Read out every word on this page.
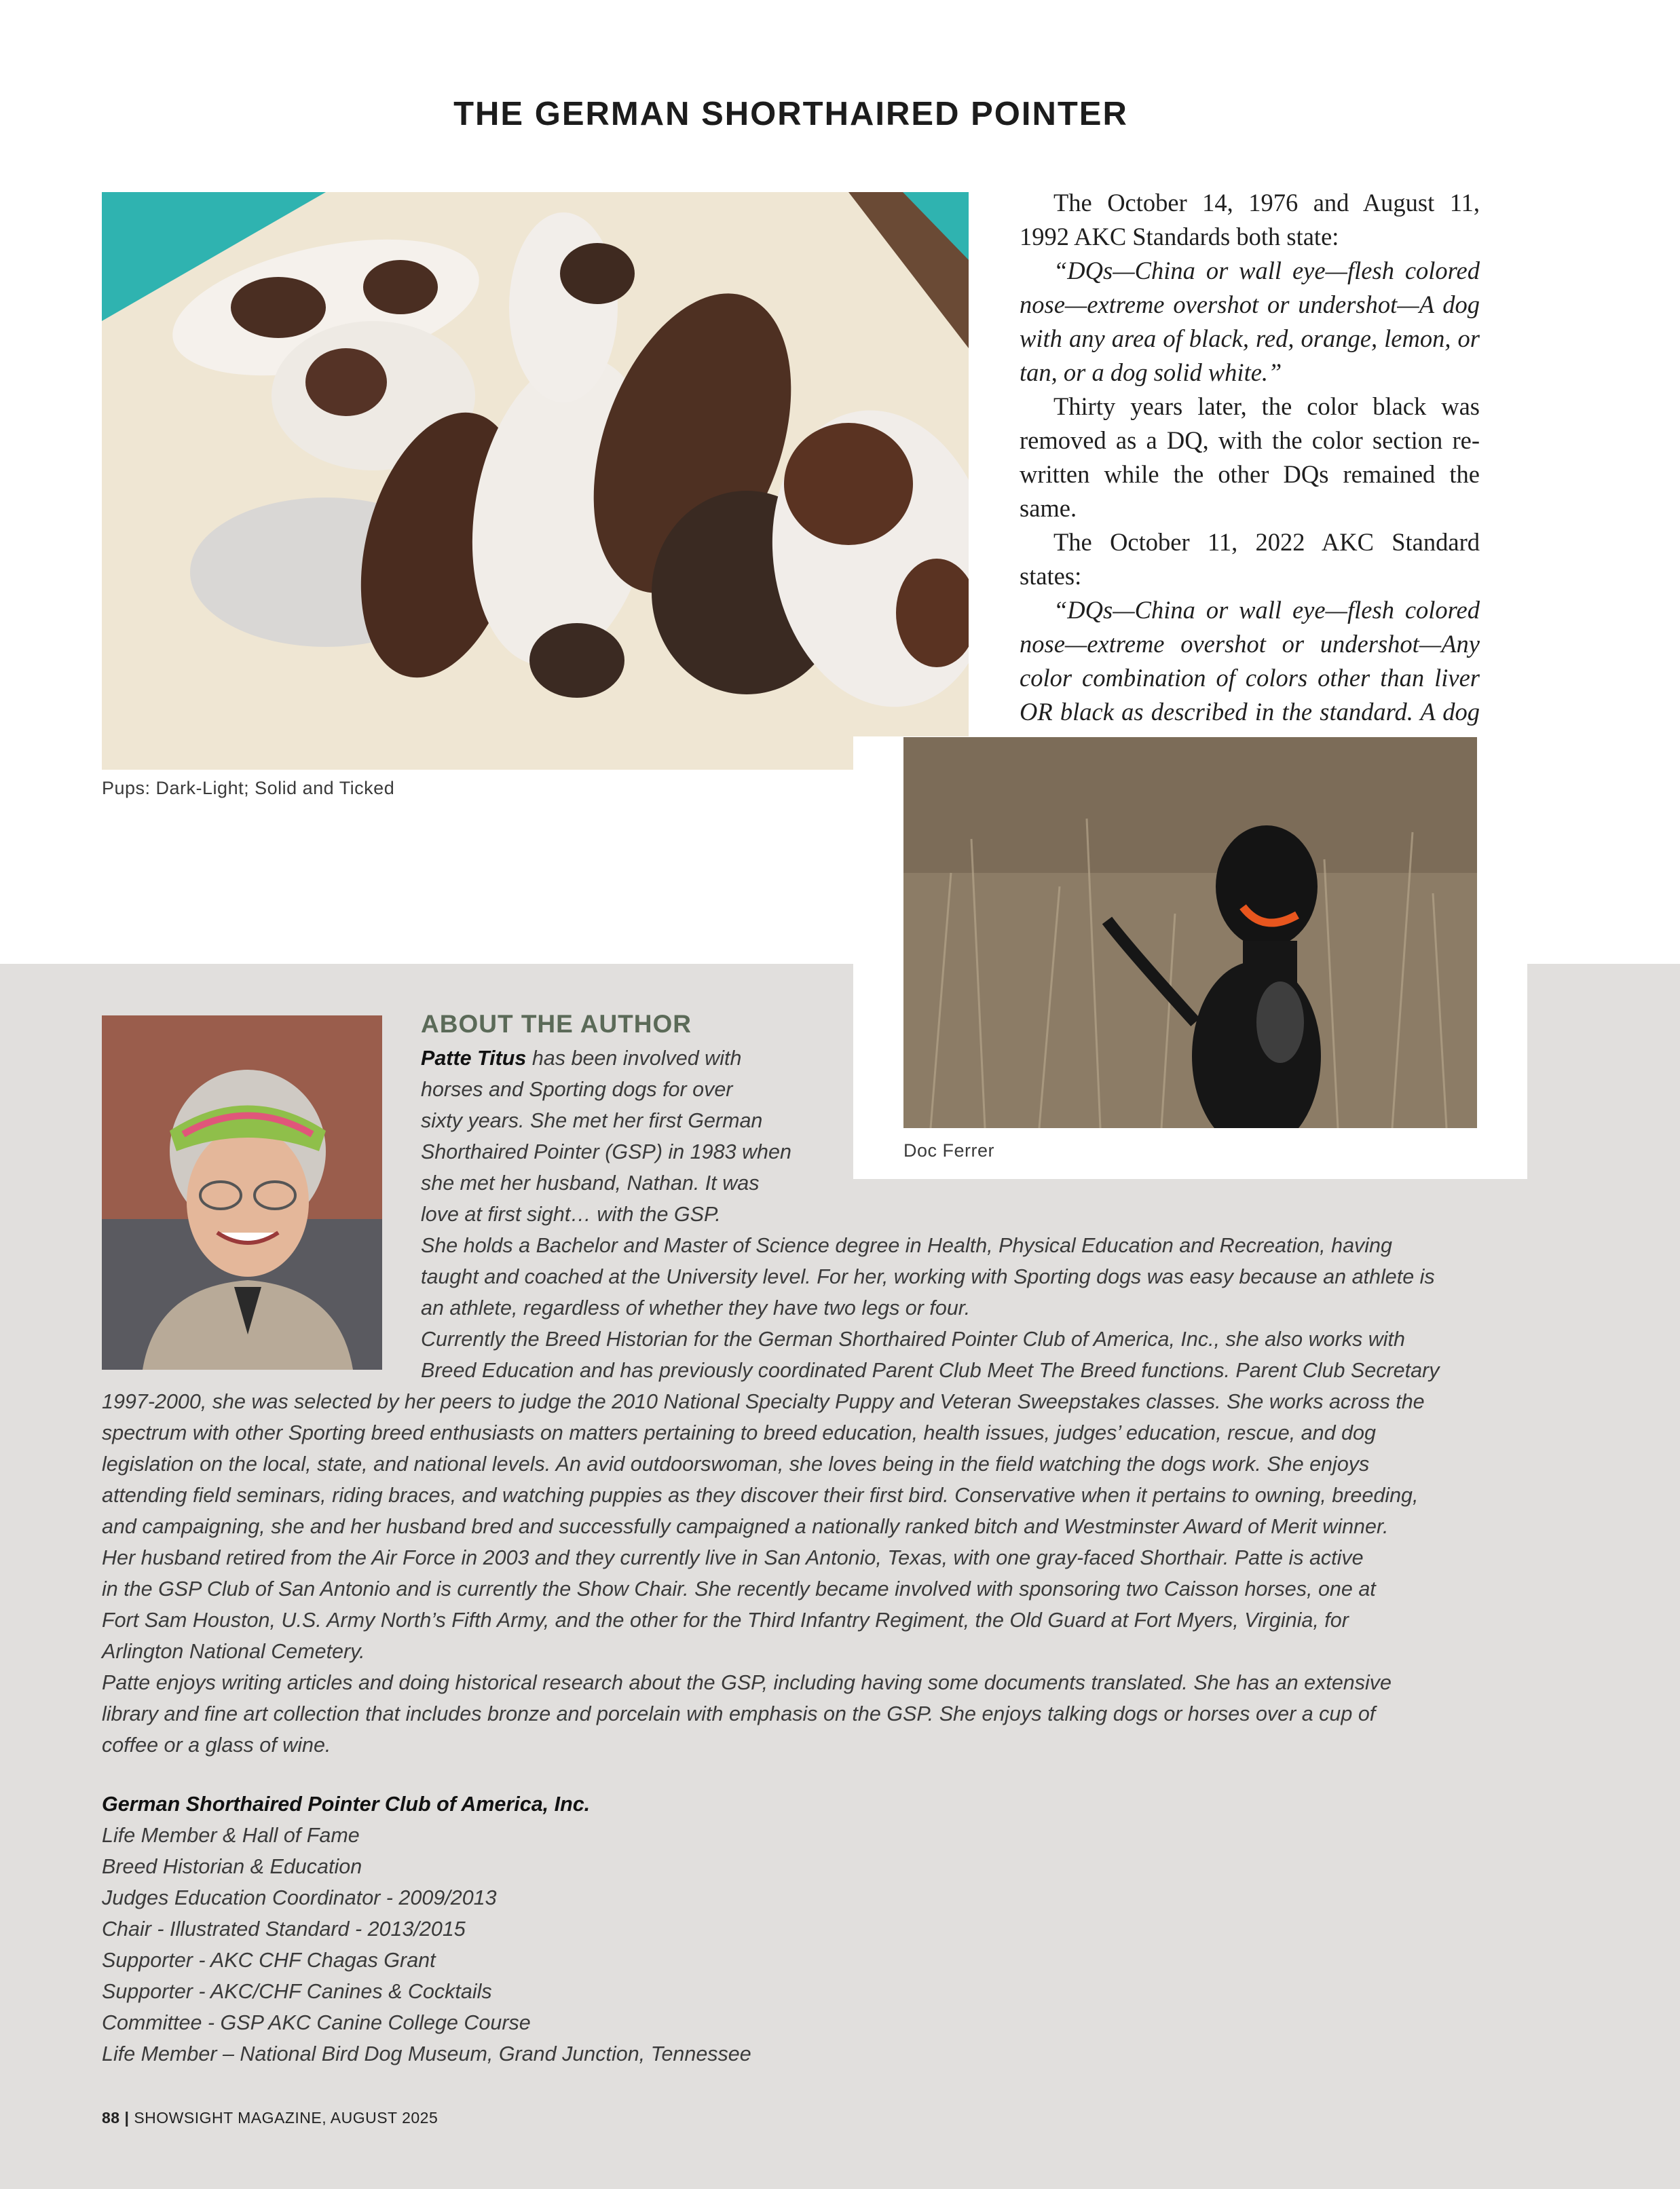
THE GERMAN SHORTHAIRED POINTER
Pups: Dark-Light; Solid and Ticked

The October 14, 1976 and August 11, 1992 AKC Standards both state:

“DQs—China or wall eye—flesh colored nose—extreme overshot or undershot—A dog with any area of black, red, orange, lemon, or tan, or a dog solid white.”

Thirty years later, the color black was removed as a DQ, with the color section re-written while the other DQs remained the same.

The October 11, 2022 AKC Standard states:

“DQs—China or wall eye—flesh colored nose—extreme overshot or undershot—Any color combination of colors other than liver OR black as described in the standard. A dog

Doc Ferrer
ABOUT THE AUTHOR
Patte Titus has been involved with
horses and Sporting dogs for over
sixty years. She met her first German
Shorthaired Pointer (GSP) in 1983 when
she met her husband, Nathan. It was
love at first sight… with the GSP.
She holds a Bachelor and Master of Science degree in Health, Physical Education and Recreation, having
taught and coached at the University level. For her, working with Sporting dogs was easy because an athlete is
an athlete, regardless of whether they have two legs or four.
Currently the Breed Historian for the German Shorthaired Pointer Club of America, Inc., she also works with
Breed Education and has previously coordinated Parent Club Meet The Breed functions. Parent Club Secretary
1997-2000, she was selected by her peers to judge the 2010 National Specialty Puppy and Veteran Sweepstakes classes. She works across the
spectrum with other Sporting breed enthusiasts on matters pertaining to breed education, health issues, judges’ education, rescue, and dog
legislation on the local, state, and national levels. An avid outdoorswoman, she loves being in the field watching the dogs work. She enjoys
attending field seminars, riding braces, and watching puppies as they discover their first bird. Conservative when it pertains to owning, breeding,
and campaigning, she and her husband bred and successfully campaigned a nationally ranked bitch and Westminster Award of Merit winner.
Her husband retired from the Air Force in 2003 and they currently live in San Antonio, Texas, with one gray-faced Shorthair. Patte is active
in the GSP Club of San Antonio and is currently the Show Chair. She recently became involved with sponsoring two Caisson horses, one at
Fort Sam Houston, U.S. Army North’s Fifth Army, and the other for the Third Infantry Regiment, the Old Guard at Fort Myers, Virginia, for
Arlington National Cemetery.
Patte enjoys writing articles and doing historical research about the GSP, including having some documents translated. She has an extensive
library and fine art collection that includes bronze and porcelain with emphasis on the GSP. She enjoys talking dogs or horses over a cup of
coffee or a glass of wine.
German Shorthaired Pointer Club of America, Inc.
Life Member & Hall of Fame
Breed Historian & Education
Judges Education Coordinator - 2009/2013
Chair - Illustrated Standard - 2013/2015
Supporter - AKC CHF Chagas Grant
Supporter - AKC/CHF Canines & Cocktails
Committee - GSP AKC Canine College Course
Life Member – National Bird Dog Museum, Grand Junction, Tennessee
88 | SHOWSIGHT MAGAZINE, AUGUST 2025
